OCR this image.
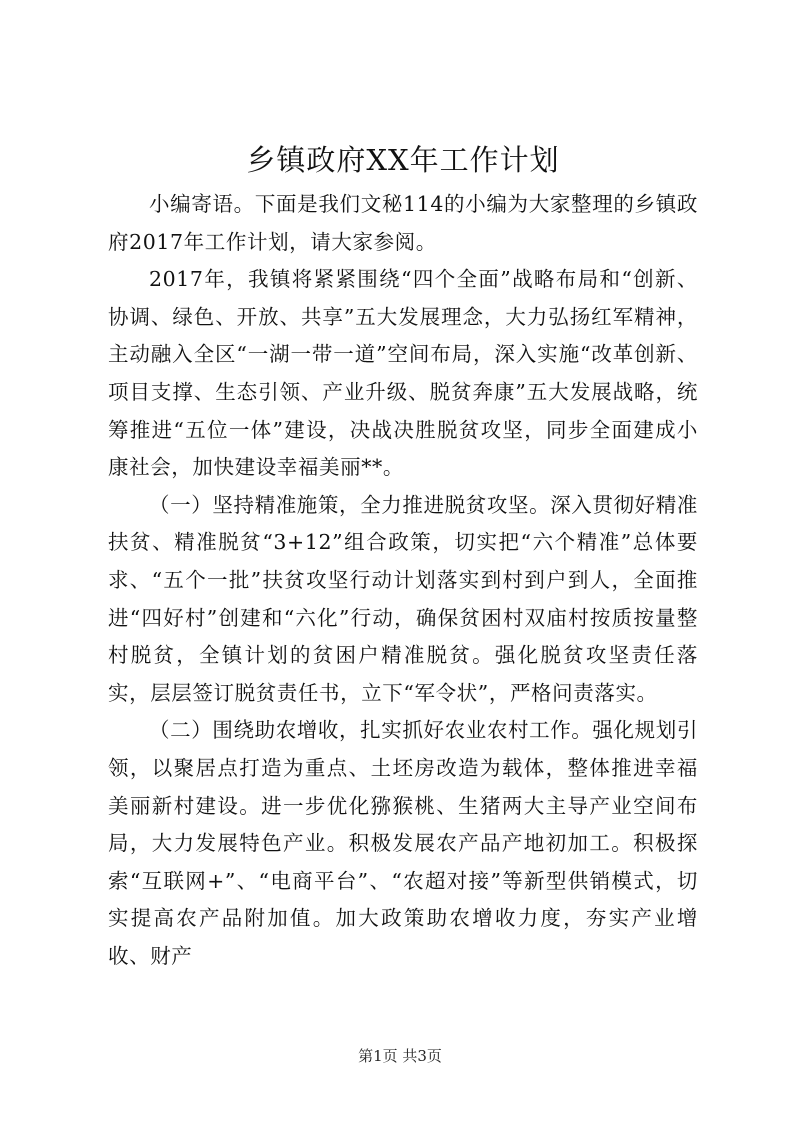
乡镇政府XX年工作计划

小编寄语。下面是我们文秘114的小编为大家整理的乡镇政府2017年工作计划，请大家参阅。

2017年，我镇将紧紧围绕“四个全面”战略布局和“创新、协调、绿色、开放、共享”五大发展理念，大力弘扬红军精神，主动融入全区“一湖一带一道”空间布局，深入实施“改革创新、项目支撑、生态引领、产业升级、脱贫奔康”五大发展战略，统筹推进“五位一体”建设，决战决胜脱贫攻坚，同步全面建成小康社会，加快建设幸福美丽**。

（一）坚持精准施策，全力推进脱贫攻坚。深入贯彻好精准扶贫、精准脱贫“3+12”组合政策，切实把“六个精准”总体要求、“五个一批”扶贫攻坚行动计划落实到村到户到人，全面推进“四好村”创建和“六化”行动，确保贫困村双庙村按质按量整村脱贫，全镇计划的贫困户精准脱贫。强化脱贫攻坚责任落实，层层签订脱贫责任书，立下“军令状”，严格问责落实。

（二）围绕助农增收，扎实抓好农业农村工作。强化规划引领，以聚居点打造为重点、土坯房改造为载体，整体推进幸福美丽新村建设。进一步优化猕猴桃、生猪两大主导产业空间布局，大力发展特色产业。积极发展农产品产地初加工。积极探索“互联网+”、“电商平台”、“农超对接”等新型供销模式，切实提高农产品附加值。加大政策助农增收力度，夯实产业增收、财产

第1页 共3页
